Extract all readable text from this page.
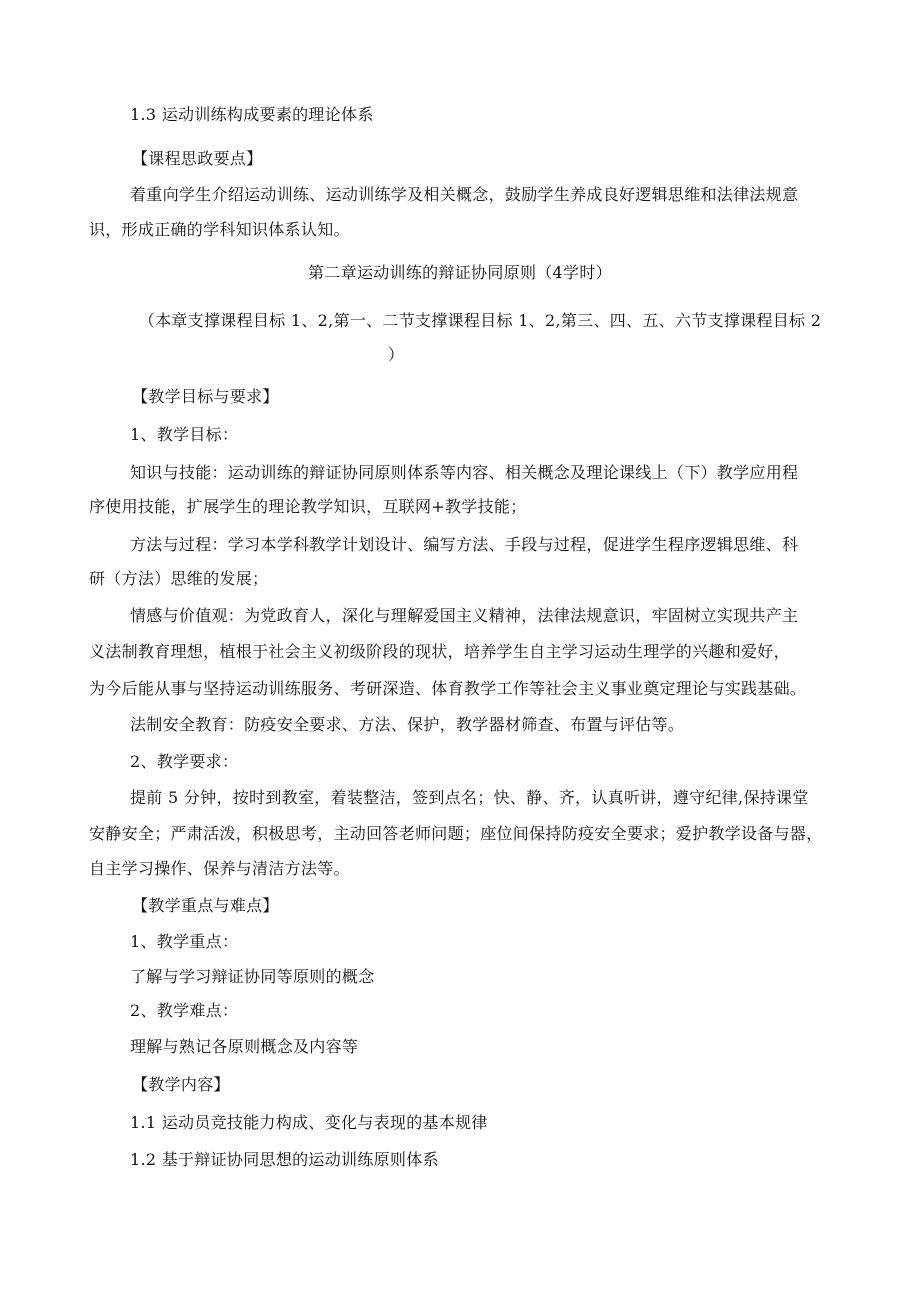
1.3 运动训练构成要素的理论体系
【课程思政要点】
着重向学生介绍运动训练、运动训练学及相关概念，鼓励学生养成良好逻辑思维和法律法规意
识，形成正确的学科知识体系认知。
第二章运动训练的辩证协同原则（4学时）
（本章支撑课程目标 1、2,第一、二节支撑课程目标 1、2,第三、四、五、六节支撑课程目标 2
）
【教学目标与要求】
1、教学目标：
知识与技能：运动训练的辩证协同原则体系等内容、相关概念及理论课线上（下）教学应用程
序使用技能，扩展学生的理论教学知识，互联网+教学技能；
方法与过程：学习本学科教学计划设计、编写方法、手段与过程，促进学生程序逻辑思维、科
研（方法）思维的发展；
情感与价值观：为党政育人，深化与理解爱国主义精神，法律法规意识，牢固树立实现共产主
义法制教育理想，植根于社会主义初级阶段的现状，培养学生自主学习运动生理学的兴趣和爱好，
为今后能从事与坚持运动训练服务、考研深造、体育教学工作等社会主义事业奠定理论与实践基础。
法制安全教育：防疫安全要求、方法、保护，教学器材筛查、布置与评估等。
2、教学要求：
提前 5 分钟，按时到教室，着装整洁，签到点名；快、静、齐，认真听讲，遵守纪律,保持课堂
安静安全；严肃活泼，积极思考，主动回答老师问题；座位间保持防疫安全要求；爱护教学设备与器，
自主学习操作、保养与清洁方法等。
【教学重点与难点】
1、教学重点：
了解与学习辩证协同等原则的概念
2、教学难点：
理解与熟记各原则概念及内容等
【教学内容】
1.1 运动员竞技能力构成、变化与表现的基本规律
1.2 基于辩证协同思想的运动训练原则体系
